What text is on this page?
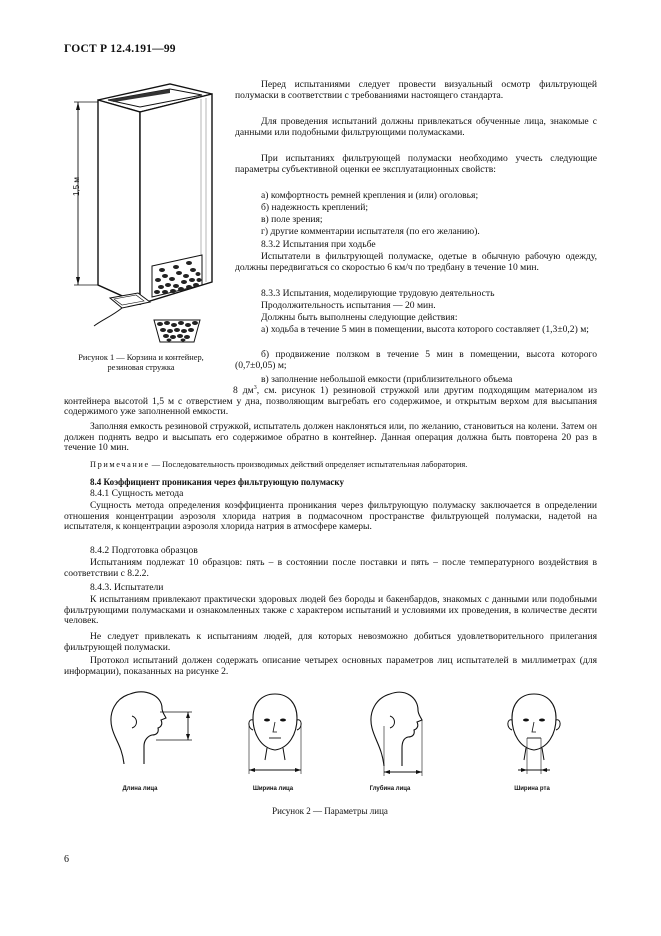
ГОСТ Р 12.4.191—99
1,5 м
Рисунок 1 — Корзина и контейнер, резиновая стружка

Перед испытаниями следует провести визуальный осмотр фильтрующей полумаски в соответствии с требованиями настоящего стандарта.

Для проведения испытаний должны привлекаться обученные лица, знакомые с данными или подобными фильтрующими полумасками.

При испытаниях фильтрующей полумаски необходимо учесть следующие параметры субъективной оценки ее эксплуатационных свойств:

а) комфортность ремней крепления и (или) оголовья;

б) надежность креплений;

в) поле зрения;

г) другие комментарии испытателя (по его желанию).

8.3.2 Испытания при ходьбе

Испытатели в фильтрующей полумаске, одетые в обычную рабочую одежду, должны передвигаться со скоростью 6 км/ч по тредбану в течение 10 мин.

8.3.3 Испытания, моделирующие трудовую деятельность

Продолжительность испытания — 20 мин.

Должны быть выполнены следующие действия:

а) ходьба в течение 5 мин в помещении, высота которого составляет (1,3±0,2) м;

б) продвижение ползком в течение 5 мин в помещении, высота которого (0,7±0,05) м;

в) заполнение небольшой емкости (приблизительного объема

8 $дм^3$, см. рисунок 1) резиновой стружкой или другим подходящим материалом из контейнера высотой 1,5 м с отверстием у дна, позволяющим выгребать его содержимое, и открытым верхом для высыпания содержимого уже заполненной емкости.

Заполняя емкость резиновой стружкой, испытатель должен наклоняться или, по желанию, становиться на колени. Затем он должен поднять ведро и высыпать его содержимое обратно в контейнер. Данная операция должна быть повторена 20 раз в течение 10 мин.

Примечание — Последовательность производимых действий определяет испытательная лаборатория.

8.4 Коэффициент проникания через фильтрующую полумаску

8.4.1 Сущность метода

Сущность метода определения коэффициента проникания через фильтрующую полумаску заключается в определении отношения концентрации аэрозоля хлорида натрия в подмасочном пространстве фильтрующей полумаски, надетой на испытателя, к концентрации аэрозоля хлорида натрия в атмосфере камеры.

8.4.2 Подготовка образцов

Испытаниям подлежат 10 образцов: пять – в состоянии после поставки и пять – после температурного воздействия в соответствии с 8.2.2.

8.4.3. Испытатели

К испытаниям привлекают практически здоровых людей без бороды и бакенбардов, знакомых с данными или подобными фильтрующими полумасками и ознакомленных также с характером испытаний и условиями их проведения, в количестве десяти человек.

Не следует привлекать к испытаниям людей, для которых невозможно добиться удовлетворительного прилегания фильтрующей полумаски.

Протокол испытаний должен содержать описание четырех основных параметров лиц испытателей в миллиметрах (для информации), показанных на рисунке 2.

Длина лица	Ширина лица	Глубина лица	Ширина рта
Рисунок 2 — Параметры лица
6
